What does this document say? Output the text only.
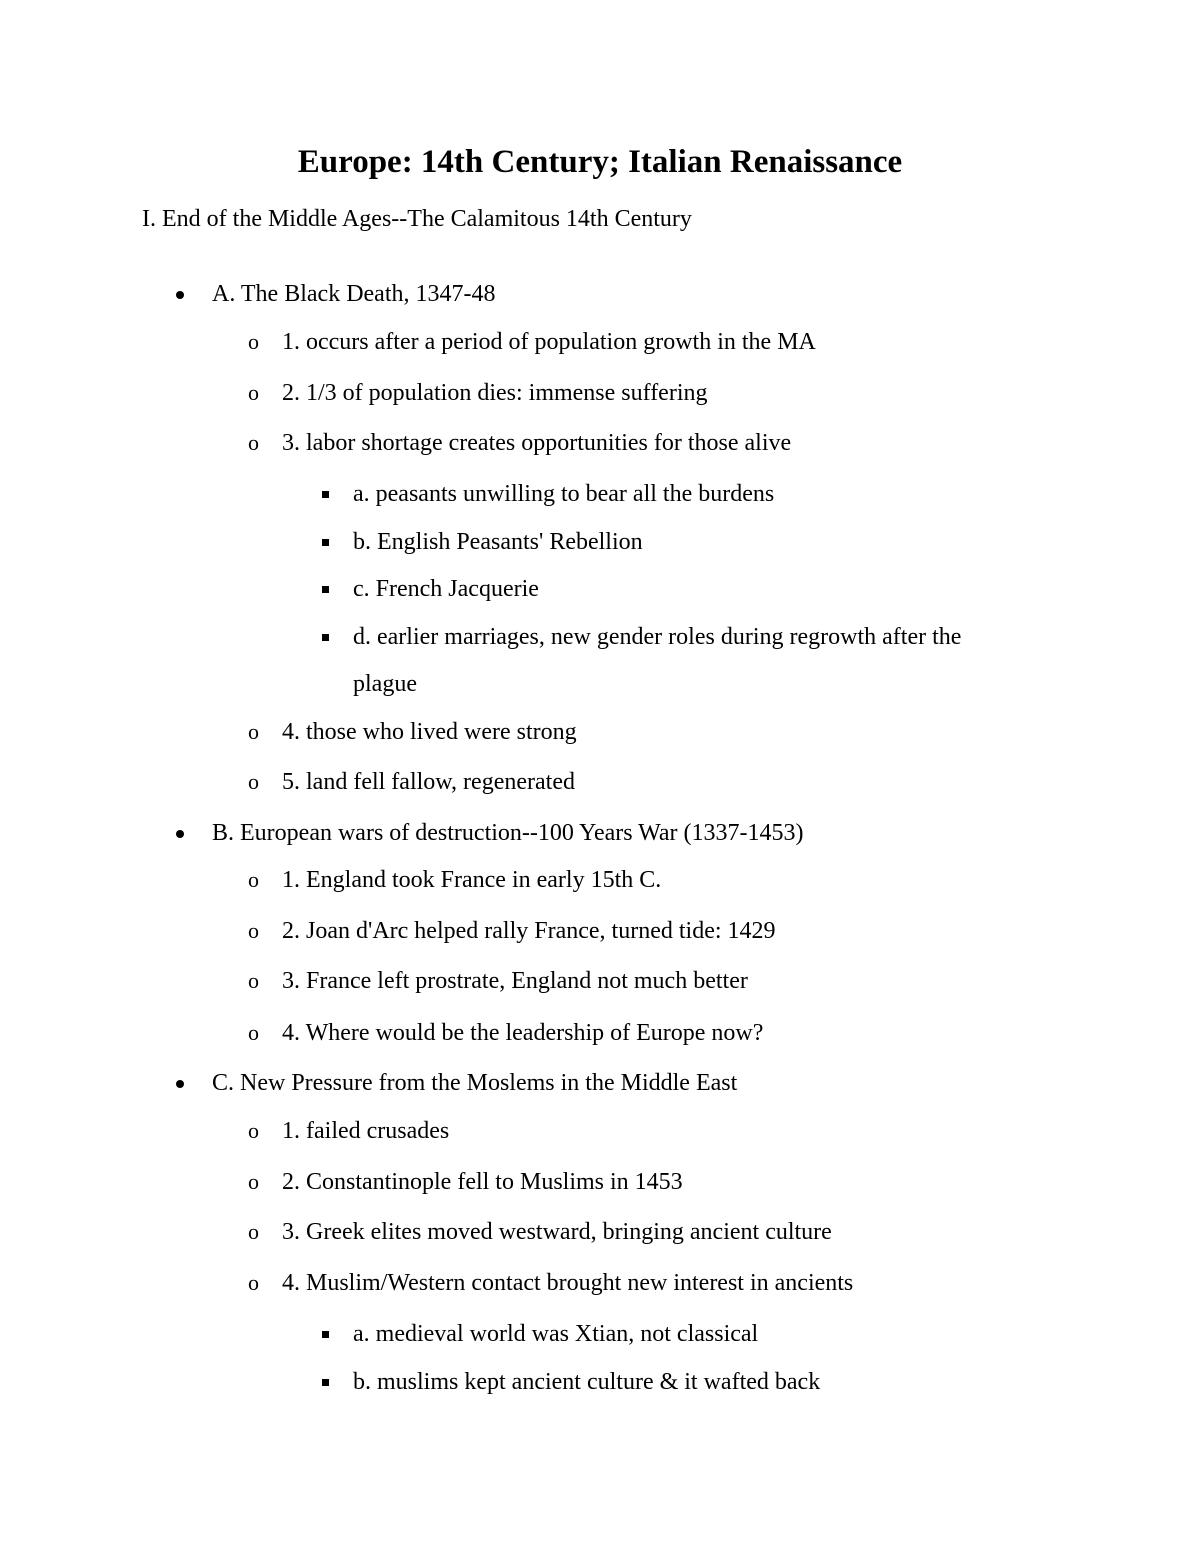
Europe: 14th Century; Italian Renaissance

I. End of the Middle Ages--The Calamitous 14th Century

A. The Black Death, 1347-48
o 1. occurs after a period of population growth in the MA
o 2. 1/3 of population dies: immense suffering
o 3. labor shortage creates opportunities for those alive
a. peasants unwilling to bear all the burdens
b. English Peasants' Rebellion
c. French Jacquerie
d. earlier marriages, new gender roles during regrowth after the
plague
o 4. those who lived were strong
o 5. land fell fallow, regenerated
B. European wars of destruction--100 Years War (1337-1453)
o 1. England took France in early 15th C.
o 2. Joan d'Arc helped rally France, turned tide: 1429
o 3. France left prostrate, England not much better
o 4. Where would be the leadership of Europe now?
C. New Pressure from the Moslems in the Middle East
o 1. failed crusades
o 2. Constantinople fell to Muslims in 1453
o 3. Greek elites moved westward, bringing ancient culture
o 4. Muslim/Western contact brought new interest in ancients
a. medieval world was Xtian, not classical
b. muslims kept ancient culture & it wafted back
